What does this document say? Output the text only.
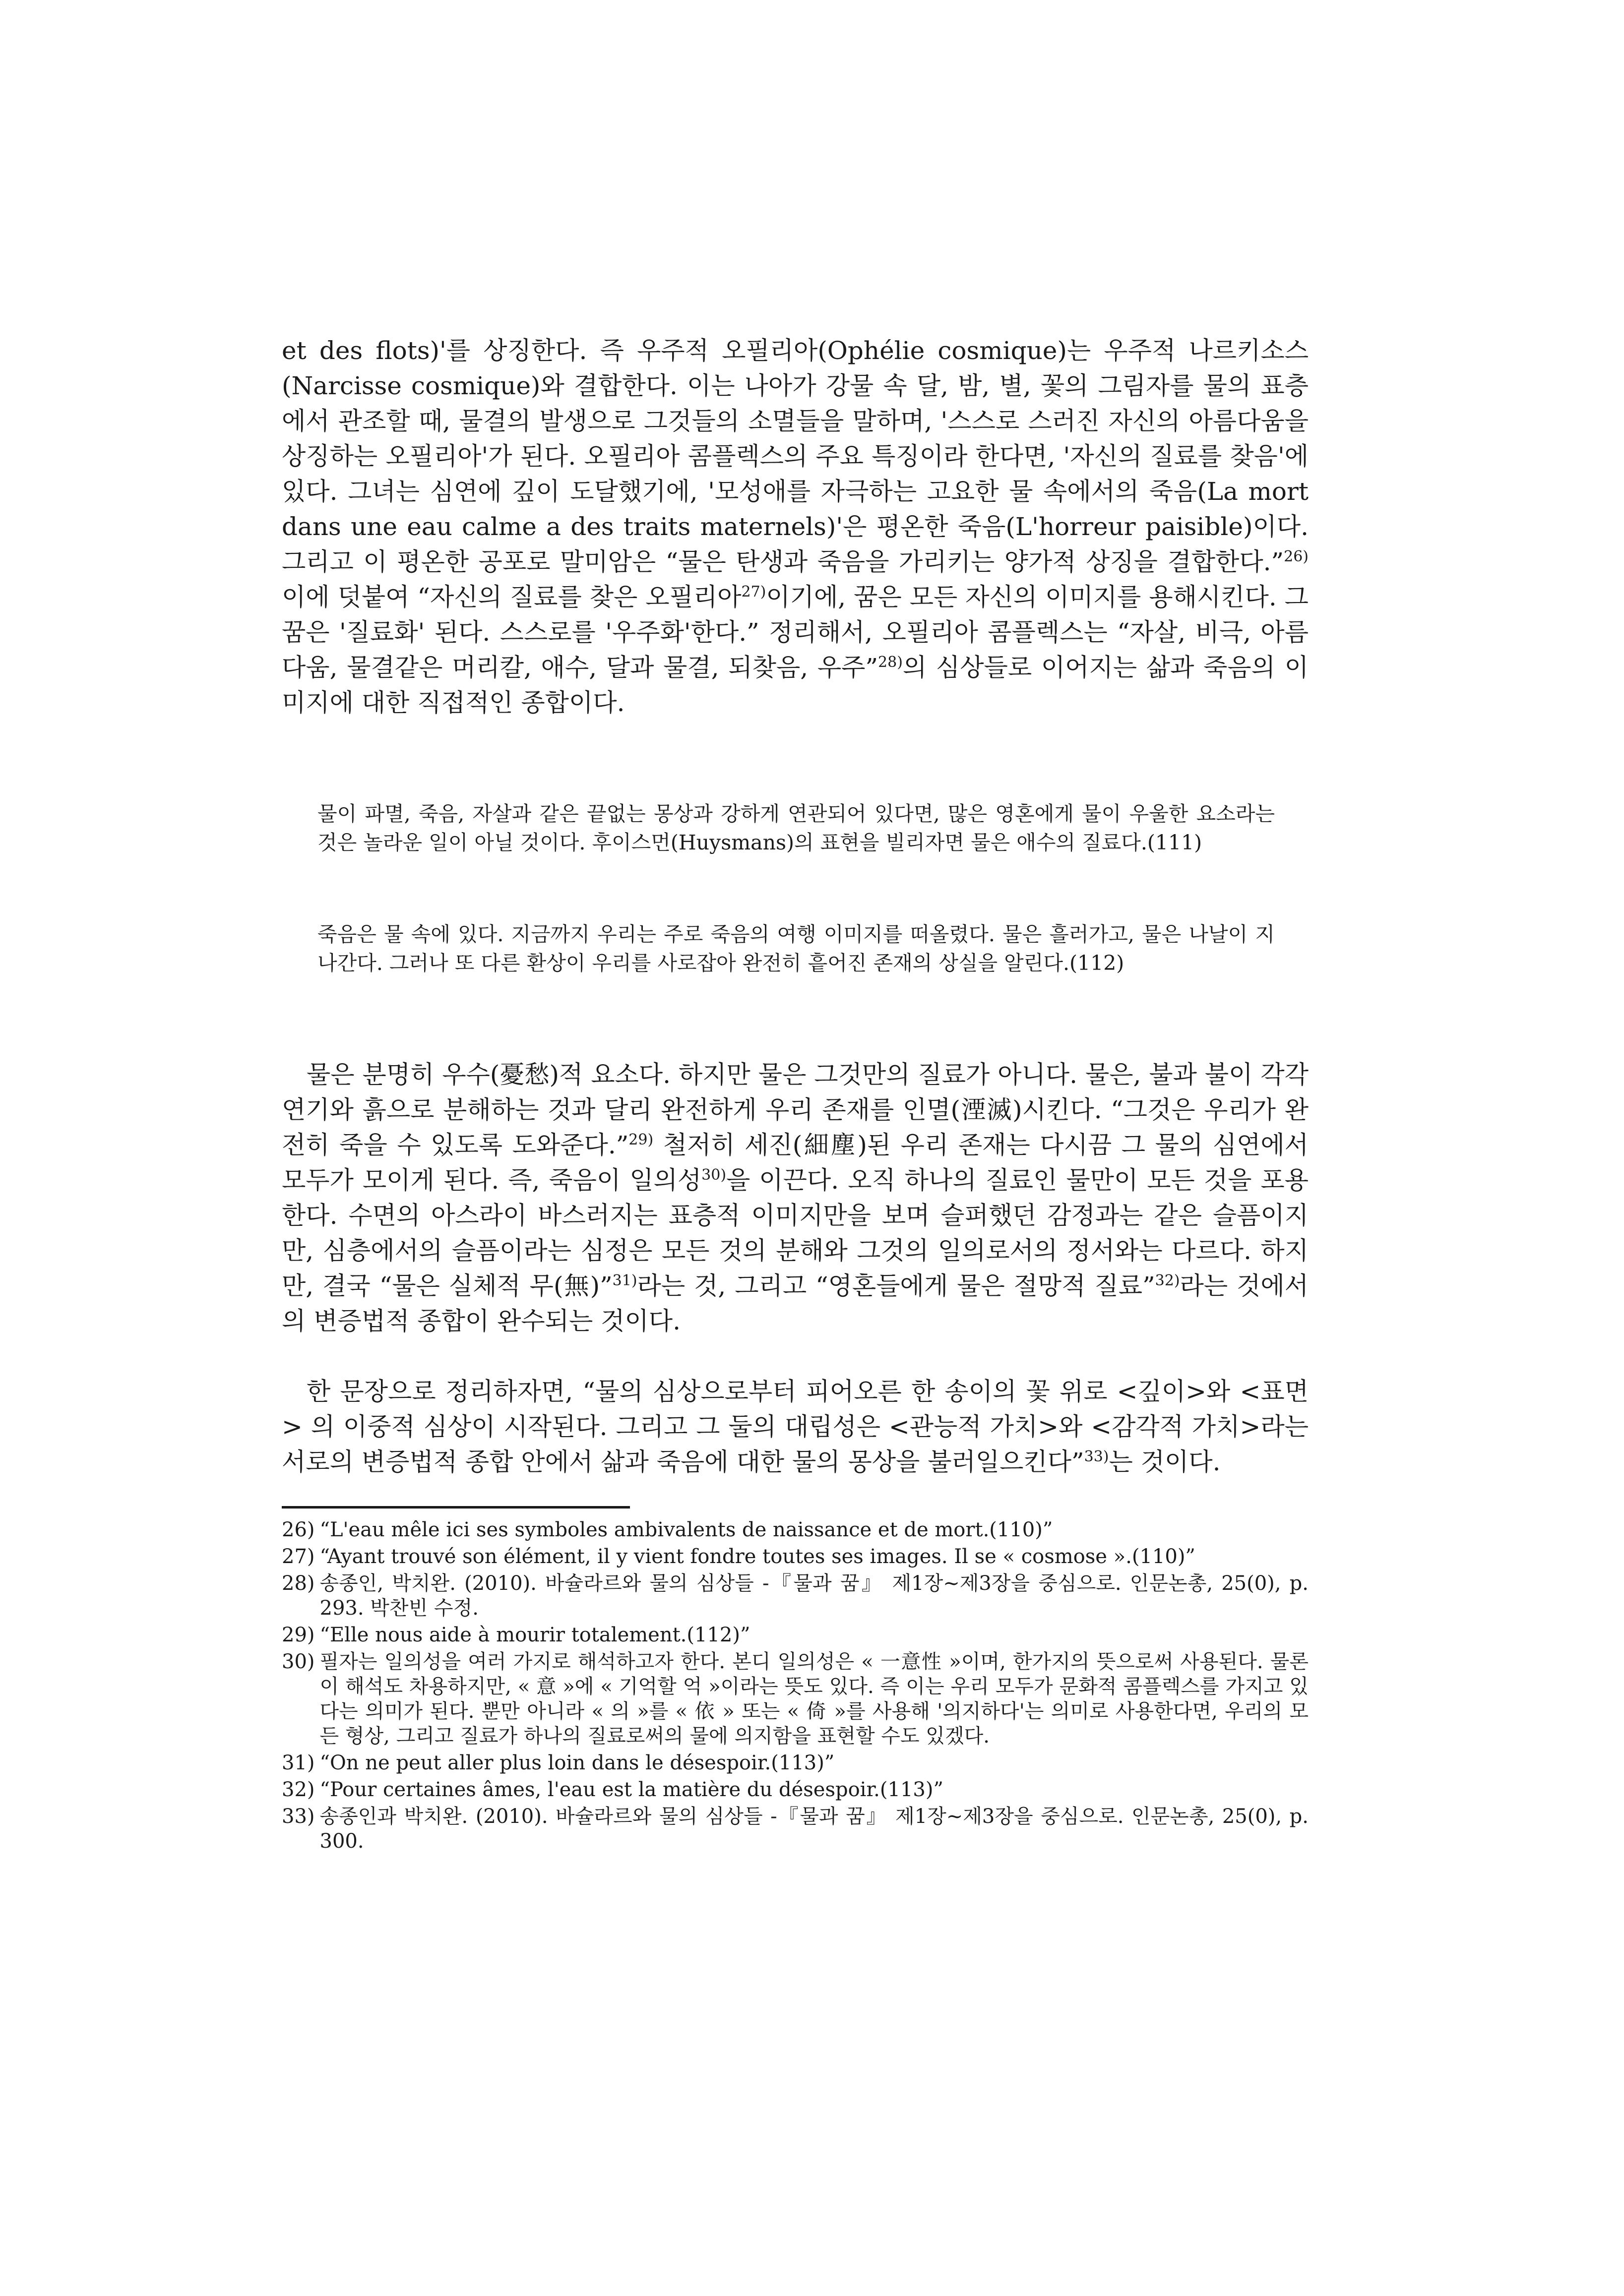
et des flots)'를 상징한다. 즉 우주적 오필리아(Ophélie cosmique)는 우주적 나르키소스(Narcisse cosmique)와 결합한다. 이는 나아가 강물 속 달, 밤, 별, 꽃의 그림자를 물의 표층에서 관조할 때, 물결의 발생으로 그것들의 소멸들을 말하며, '스스로 스러진 자신의 아름다움을 상징하는 오필리아'가 된다. 오필리아 콤플렉스의 주요 특징이라 한다면, '자신의 질료를 찾음'에 있다. 그녀는 심연에 깊이 도달했기에, '모성애를 자극하는 고요한 물 속에서의 죽음(La mort dans une eau calme a des traits maternels)'은 평온한 죽음(L'horreur paisible)이다. 그리고 이 평온한 공포로 말미암은 “물은 탄생과 죽음을 가리키는 양가적 상징을 결합한다.”$^{26)}$ 이에 덧붙여 “자신의 질료를 찾은 오필리아$^{27)}$이기에, 꿈은 모든 자신의 이미지를 용해시킨다. 그 꿈은 '질료화' 된다. 스스로를 '우주화'한다.” 정리해서, 오필리아 콤플렉스는 “자살, 비극, 아름다움, 물결같은 머리칼, 애수, 달과 물결, 되찾음, 우주”$^{28)}$의 심상들로 이어지는 삶과 죽음의 이미지에 대한 직접적인 종합이다.

물이 파멸, 죽음, 자살과 같은 끝없는 몽상과 강하게 연관되어 있다면, 많은 영혼에게 물이 우울한 요소라는 것은 놀라운 일이 아닐 것이다. 후이스먼(Huysmans)의 표현을 빌리자면 물은 애수의 질료다.(111)

죽음은 물 속에 있다. 지금까지 우리는 주로 죽음의 여행 이미지를 떠올렸다. 물은 흘러가고, 물은 나날이 지나간다. 그러나 또 다른 환상이 우리를 사로잡아 완전히 흩어진 존재의 상실을 알린다.(112)

물은 분명히 우수(憂愁)적 요소다. 하지만 물은 그것만의 질료가 아니다. 물은, 불과 불이 각각 연기와 흙으로 분해하는 것과 달리 완전하게 우리 존재를 인멸(湮滅)시킨다. “그것은 우리가 완전히 죽을 수 있도록 도와준다.”$^{29)}$ 철저히 세진(細塵)된 우리 존재는 다시끔 그 물의 심연에서 모두가 모이게 된다. 즉, 죽음이 일의성$^{30)}$을 이끈다. 오직 하나의 질료인 물만이 모든 것을 포용한다. 수면의 아스라이 바스러지는 표층적 이미지만을 보며 슬퍼했던 감정과는 같은 슬픔이지만, 심층에서의 슬픔이라는 심정은 모든 것의 분해와 그것의 일의로서의 정서와는 다르다. 하지만, 결국 “물은 실체적 무(無)”$^{31)}$라는 것, 그리고 “영혼들에게 물은 절망적 질료”$^{32)}$라는 것에서의 변증법적 종합이 완수되는 것이다.

한 문장으로 정리하자면, “물의 심상으로부터 피어오른 한 송이의 꽃 위로 <깊이>와 <표면> 의 이중적 심상이 시작된다. 그리고 그 둘의 대립성은 <관능적 가치>와 <감각적 가치>라는 서로의 변증법적 종합 안에서 삶과 죽음에 대한 물의 몽상을 불러일으킨다”$^{33)}$는 것이다.

26) “L'eau mêle ici ses symboles ambivalents de naissance et de mort.(110)”
27) “Ayant trouvé son élément, il y vient fondre toutes ses images. Il se « cosmose ».(110)”
28) 송종인, 박치완. (2010). 바슐라르와 물의 심상들 -『물과 꿈』 제1장~제3장을 중심으로. 인문논총, 25(0), p. 293. 박찬빈 수정.
29) “Elle nous aide à mourir totalement.(112)”
30) 필자는 일의성을 여러 가지로 해석하고자 한다. 본디 일의성은 « 一意性 »이며, 한가지의 뜻으로써 사용된다. 물론 이 해석도 차용하지만, « 意 »에 « 기억할 억 »이라는 뜻도 있다. 즉 이는 우리 모두가 문화적 콤플렉스를 가지고 있다는 의미가 된다. 뿐만 아니라 « 의 »를 « 依 » 또는 « 倚 »를 사용해 '의지하다'는 의미로 사용한다면, 우리의 모든 형상, 그리고 질료가 하나의 질료로써의 물에 의지함을 표현할 수도 있겠다.
31) “On ne peut aller plus loin dans le désespoir.(113)”
32) “Pour certaines âmes, l'eau est la matière du désespoir.(113)”
33) 송종인과 박치완. (2010). 바슐라르와 물의 심상들 -『물과 꿈』 제1장~제3장을 중심으로. 인문논총, 25(0), p. 300.
